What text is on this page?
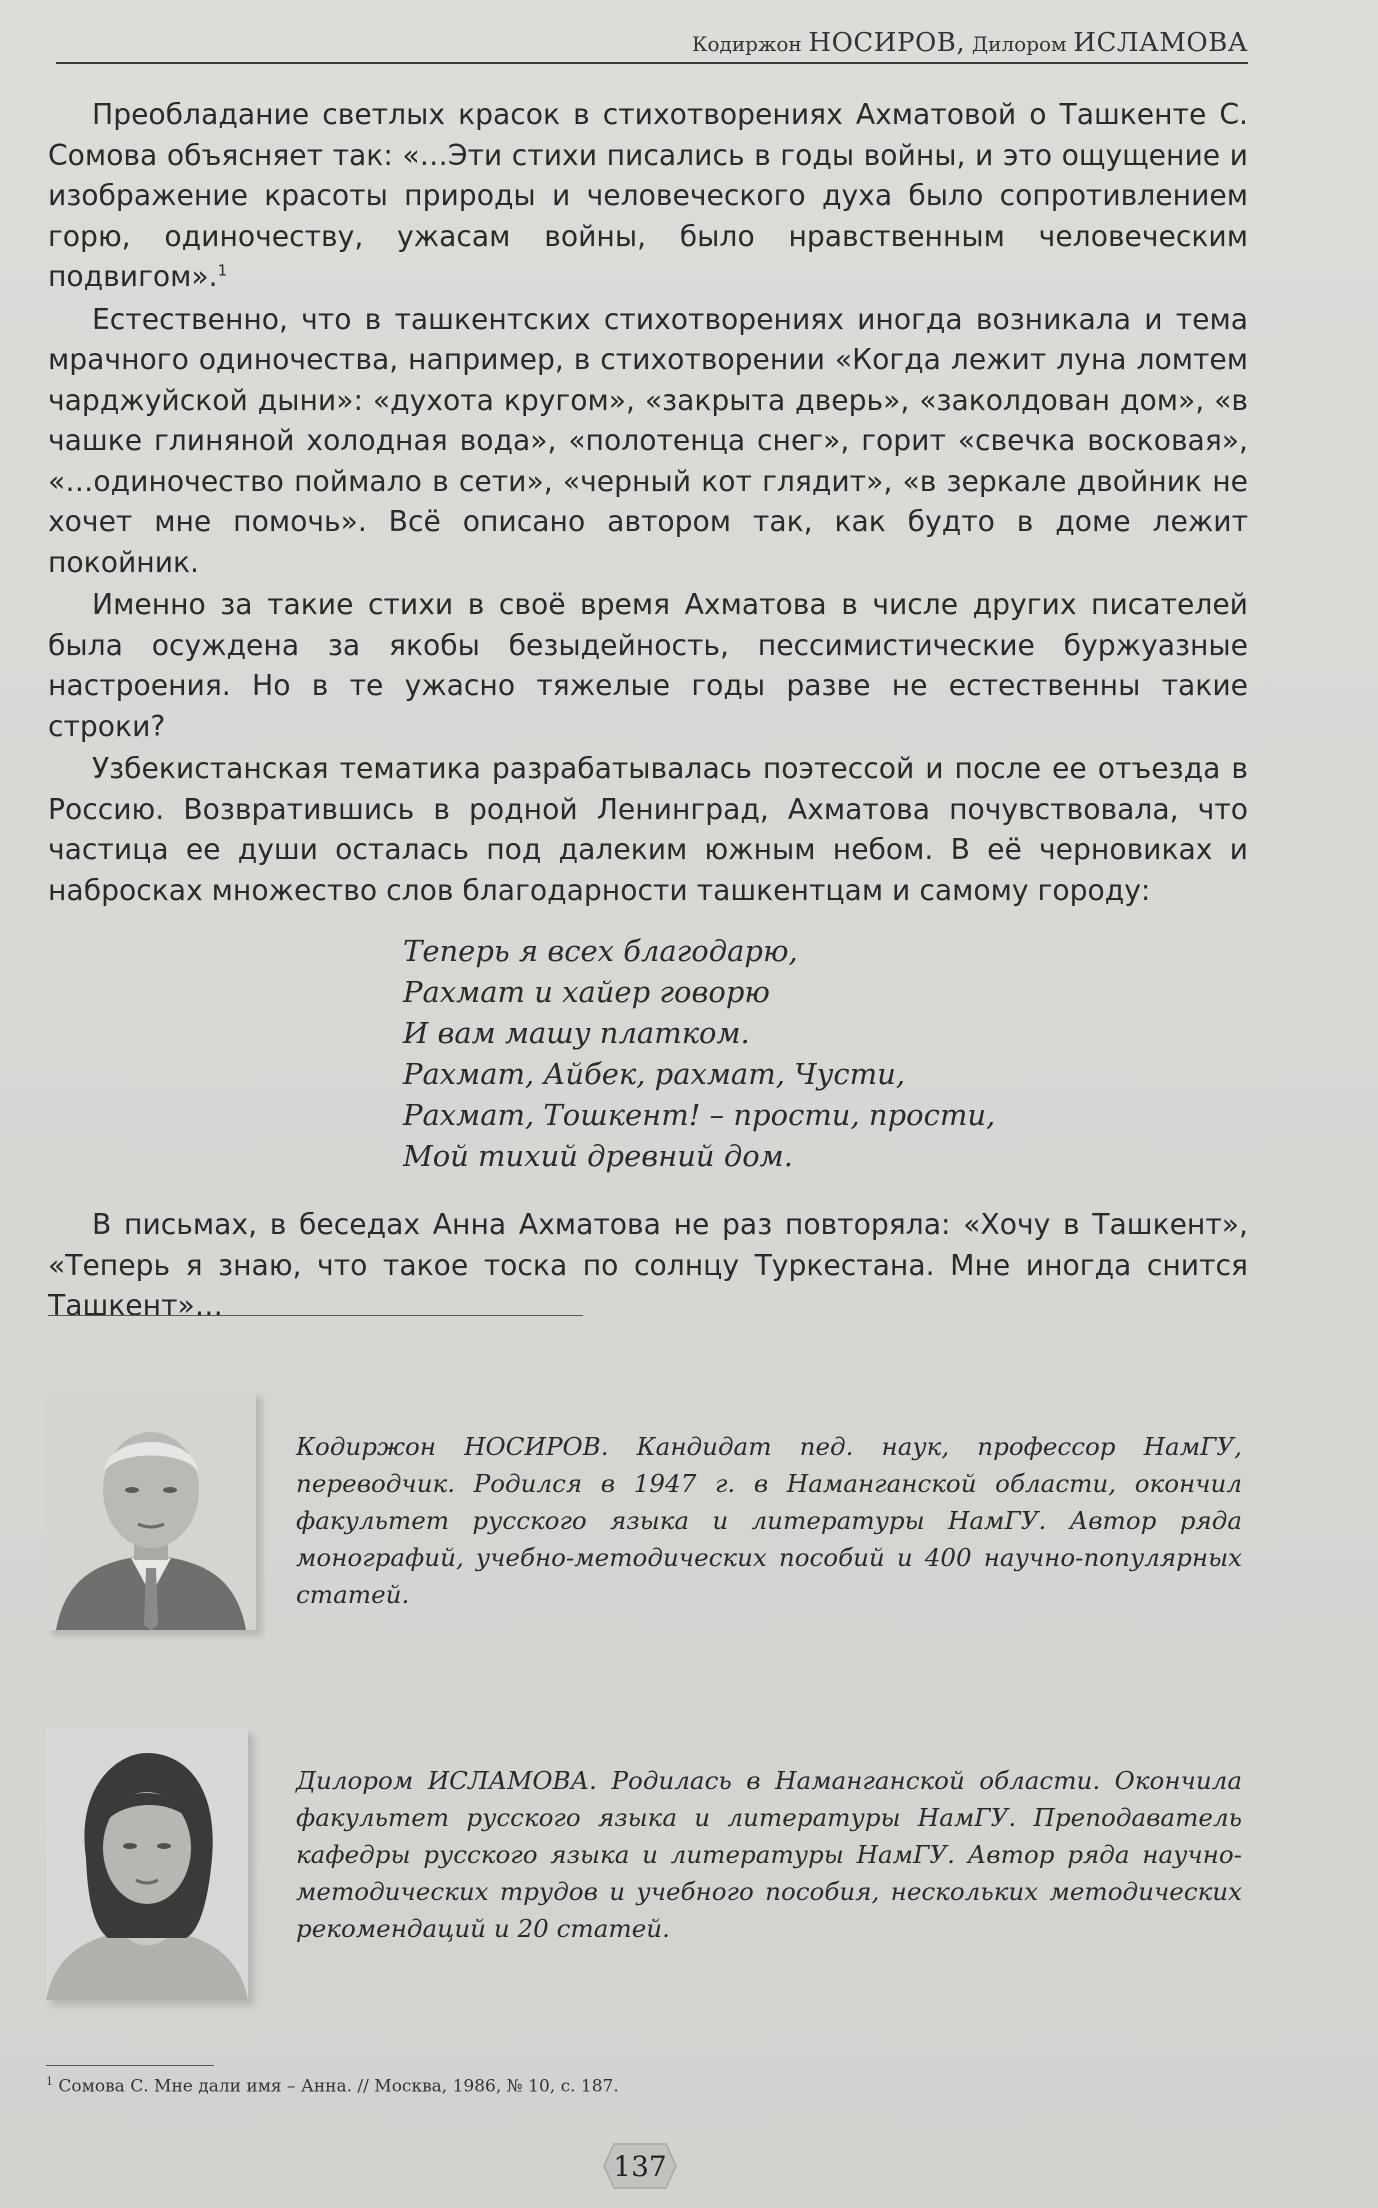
Кодиржон НОСИРОВ, Дилором ИСЛАМОВА

Преобладание светлых красок в стихотворениях Ахматовой о Ташкенте С. Сомова объясняет так: «…Эти стихи писались в годы войны, и это ощущение и изображение красоты природы и человеческого духа было сопротивлением горю, одиночеству, ужасам войны, было нравственным человеческим подвигом».$^1$

Естественно, что в ташкентских стихотворениях иногда возникала и тема мрачного одиночества, например, в стихотворении «Когда лежит луна ломтем чарджуйской дыни»: «духота кругом», «закрыта дверь», «заколдован дом», «в чашке глиняной холодная вода», «полотенца снег», горит «свечка восковая», «…одиночество поймало в сети», «черный кот глядит», «в зеркале двойник не хочет мне помочь». Всё описано автором так, как будто в доме лежит покойник.

Именно за такие стихи в своё время Ахматова в числе других писателей была осуждена за якобы безыдейность, пессимистические буржуазные настроения. Но в те ужасно тяжелые годы разве не естественны такие строки?

Узбекистанская тематика разрабатывалась поэтессой и после ее отъезда в Россию. Возвратившись в родной Ленинград, Ахматова почувствовала, что частица ее души осталась под далеким южным небом. В её черновиках и набросках множество слов благодарности ташкентцам и самому городу:

Теперь я всех благодарю,
Рахмат и хайер говорю
И вам машу платком.
Рахмат, Айбек, рахмат, Чусти,
Рахмат, Тошкент! – прости, прости,
Мой тихий древний дом.

В письмах, в беседах Анна Ахматова не раз повторяла: «Хочу в Ташкент», «Теперь я знаю, что такое тоска по солнцу Туркестана. Мне иногда снится Ташкент»…

Кодиржон НОСИРОВ. Кандидат пед. наук, профессор НамГУ, переводчик. Родился в 1947 г. в Наманганской области, окончил факультет русского языка и литературы НамГУ. Автор ряда монографий, учебно-методических пособий и 400 научно-популярных статей.
Дилором ИСЛАМОВА. Родилась в Наманганской области. Окончила факультет русского языка и литературы НамГУ. Преподаватель кафедры русского языка и литературы НамГУ. Автор ряда научно-методических трудов и учебного пособия, нескольких методических рекомендаций и 20 статей.
$^1$ Сомова С. Мне дали имя – Анна. // Москва, 1986, № 10, с. 187.
137
